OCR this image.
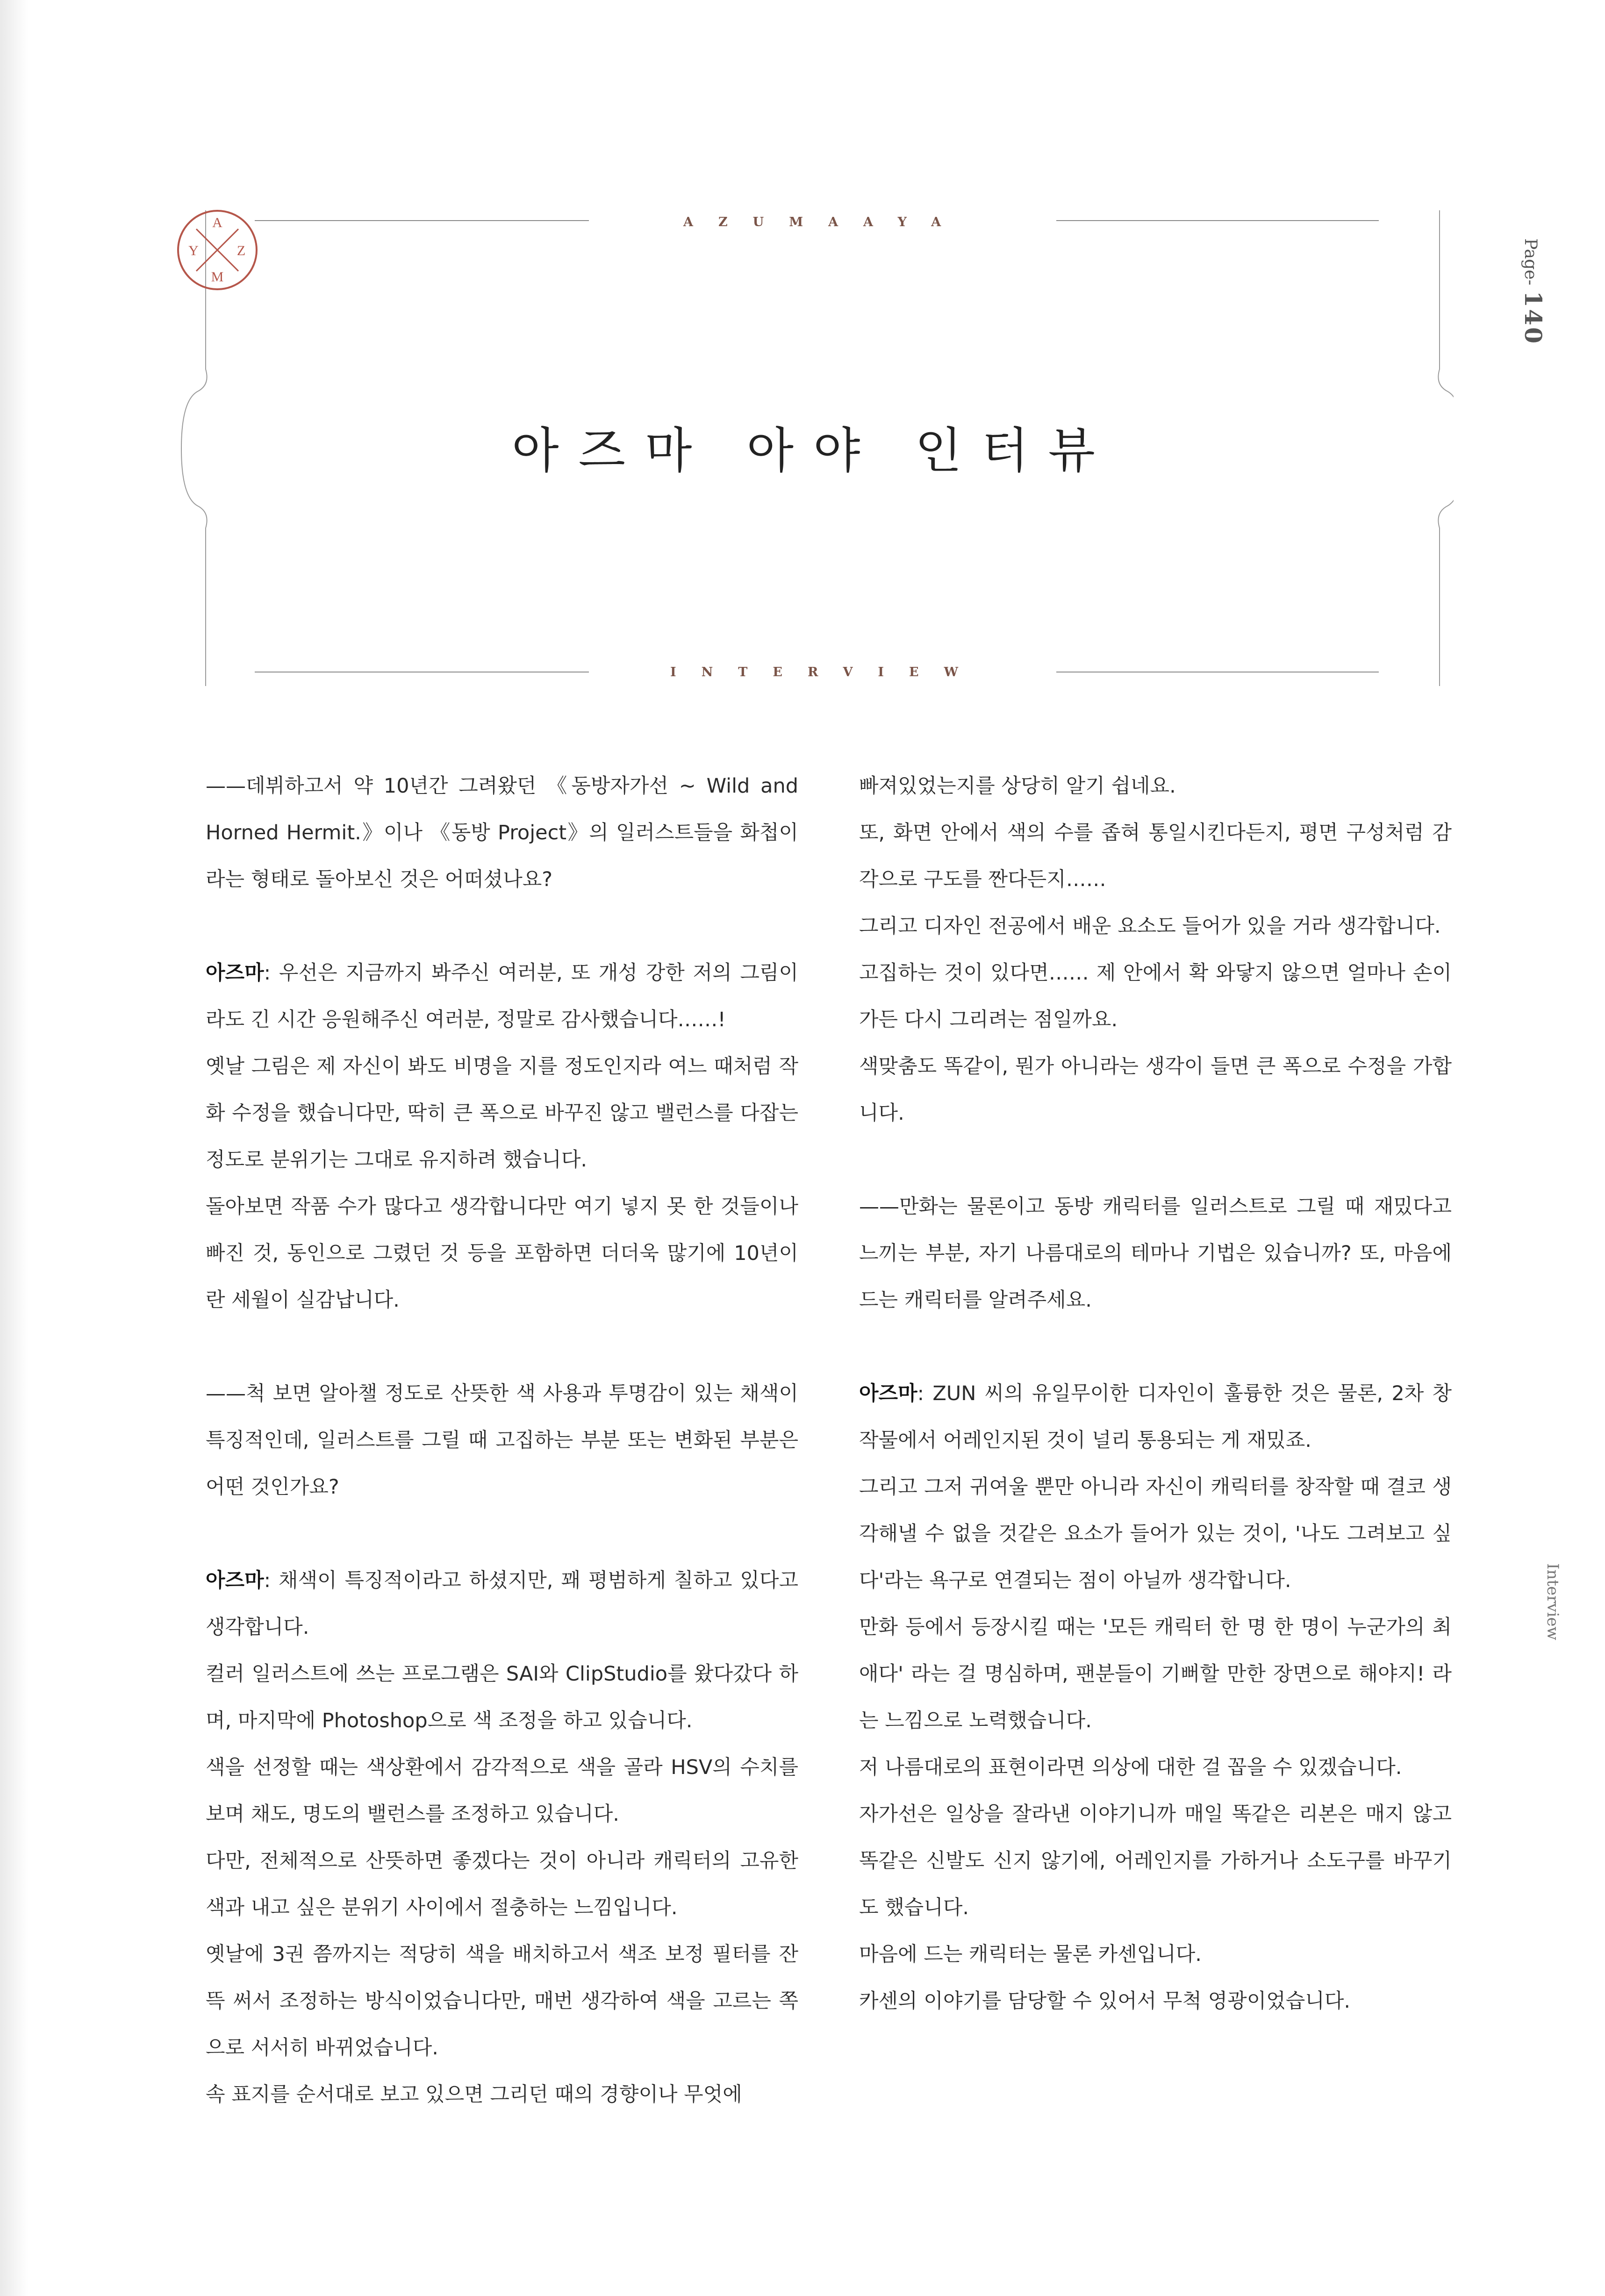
AZUMAAYA
아즈마 아야 인터뷰
INTERVIEW
A
Y	Z
M	Page-140
Interview

——데뷔하고서 약 10년간 그려왔던 《동방자가선 ~ Wild and Horned Hermit.》이나 《동방 Project》의 일러스트들을 화첩이라는 형태로 돌아보신 것은 어떠셨나요?

아즈마: 우선은 지금까지 봐주신 여러분, 또 개성 강한 저의 그림이라도 긴 시간 응원해주신 여러분, 정말로 감사했습니다……!

옛날 그림은 제 자신이 봐도 비명을 지를 정도인지라 여느 때처럼 작화 수정을 했습니다만, 딱히 큰 폭으로 바꾸진 않고 밸런스를 다잡는 정도로 분위기는 그대로 유지하려 했습니다.

돌아보면 작품 수가 많다고 생각합니다만 여기 넣지 못 한 것들이나 빠진 것, 동인으로 그렸던 것 등을 포함하면 더더욱 많기에 10년이란 세월이 실감납니다.

——척 보면 알아챌 정도로 산뜻한 색 사용과 투명감이 있는 채색이 특징적인데, 일러스트를 그릴 때 고집하는 부분 또는 변화된 부분은 어떤 것인가요?

아즈마: 채색이 특징적이라고 하셨지만, 꽤 평범하게 칠하고 있다고 생각합니다.

컬러 일러스트에 쓰는 프로그램은 SAI와 ClipStudio를 왔다갔다 하며, 마지막에 Photoshop으로 색 조정을 하고 있습니다.

색을 선정할 때는 색상환에서 감각적으로 색을 골라 HSV의 수치를 보며 채도, 명도의 밸런스를 조정하고 있습니다.

다만, 전체적으로 산뜻하면 좋겠다는 것이 아니라 캐릭터의 고유한 색과 내고 싶은 분위기 사이에서 절충하는 느낌입니다.

옛날에 3권 쯤까지는 적당히 색을 배치하고서 색조 보정 필터를 잔뜩 써서 조정하는 방식이었습니다만, 매번 생각하여 색을 고르는 쪽으로 서서히 바뀌었습니다.

속 표지를 순서대로 보고 있으면 그리던 때의 경향이나 무엇에

빠져있었는지를 상당히 알기 쉽네요.

또, 화면 안에서 색의 수를 좁혀 통일시킨다든지, 평면 구성처럼 감각으로 구도를 짠다든지……

그리고 디자인 전공에서 배운 요소도 들어가 있을 거라 생각합니다.

고집하는 것이 있다면…… 제 안에서 확 와닿지 않으면 얼마나 손이 가든 다시 그리려는 점일까요.

색맞춤도 똑같이, 뭔가 아니라는 생각이 들면 큰 폭으로 수정을 가합니다.

——만화는 물론이고 동방 캐릭터를 일러스트로 그릴 때 재밌다고 느끼는 부분, 자기 나름대로의 테마나 기법은 있습니까? 또, 마음에 드는 캐릭터를 알려주세요.

아즈마: ZUN 씨의 유일무이한 디자인이 훌륭한 것은 물론, 2차 창작물에서 어레인지된 것이 널리 통용되는 게 재밌죠.

그리고 그저 귀여울 뿐만 아니라 자신이 캐릭터를 창작할 때 결코 생각해낼 수 없을 것같은 요소가 들어가 있는 것이, '나도 그려보고 싶다'라는 욕구로 연결되는 점이 아닐까 생각합니다.

만화 등에서 등장시킬 때는 '모든 캐릭터 한 명 한 명이 누군가의 최애다' 라는 걸 명심하며, 팬분들이 기뻐할 만한 장면으로 해야지! 라는 느낌으로 노력했습니다.

저 나름대로의 표현이라면 의상에 대한 걸 꼽을 수 있겠습니다.

자가선은 일상을 잘라낸 이야기니까 매일 똑같은 리본은 매지 않고 똑같은 신발도 신지 않기에, 어레인지를 가하거나 소도구를 바꾸기도 했습니다.

마음에 드는 캐릭터는 물론 카센입니다.

카센의 이야기를 담당할 수 있어서 무척 영광이었습니다.
